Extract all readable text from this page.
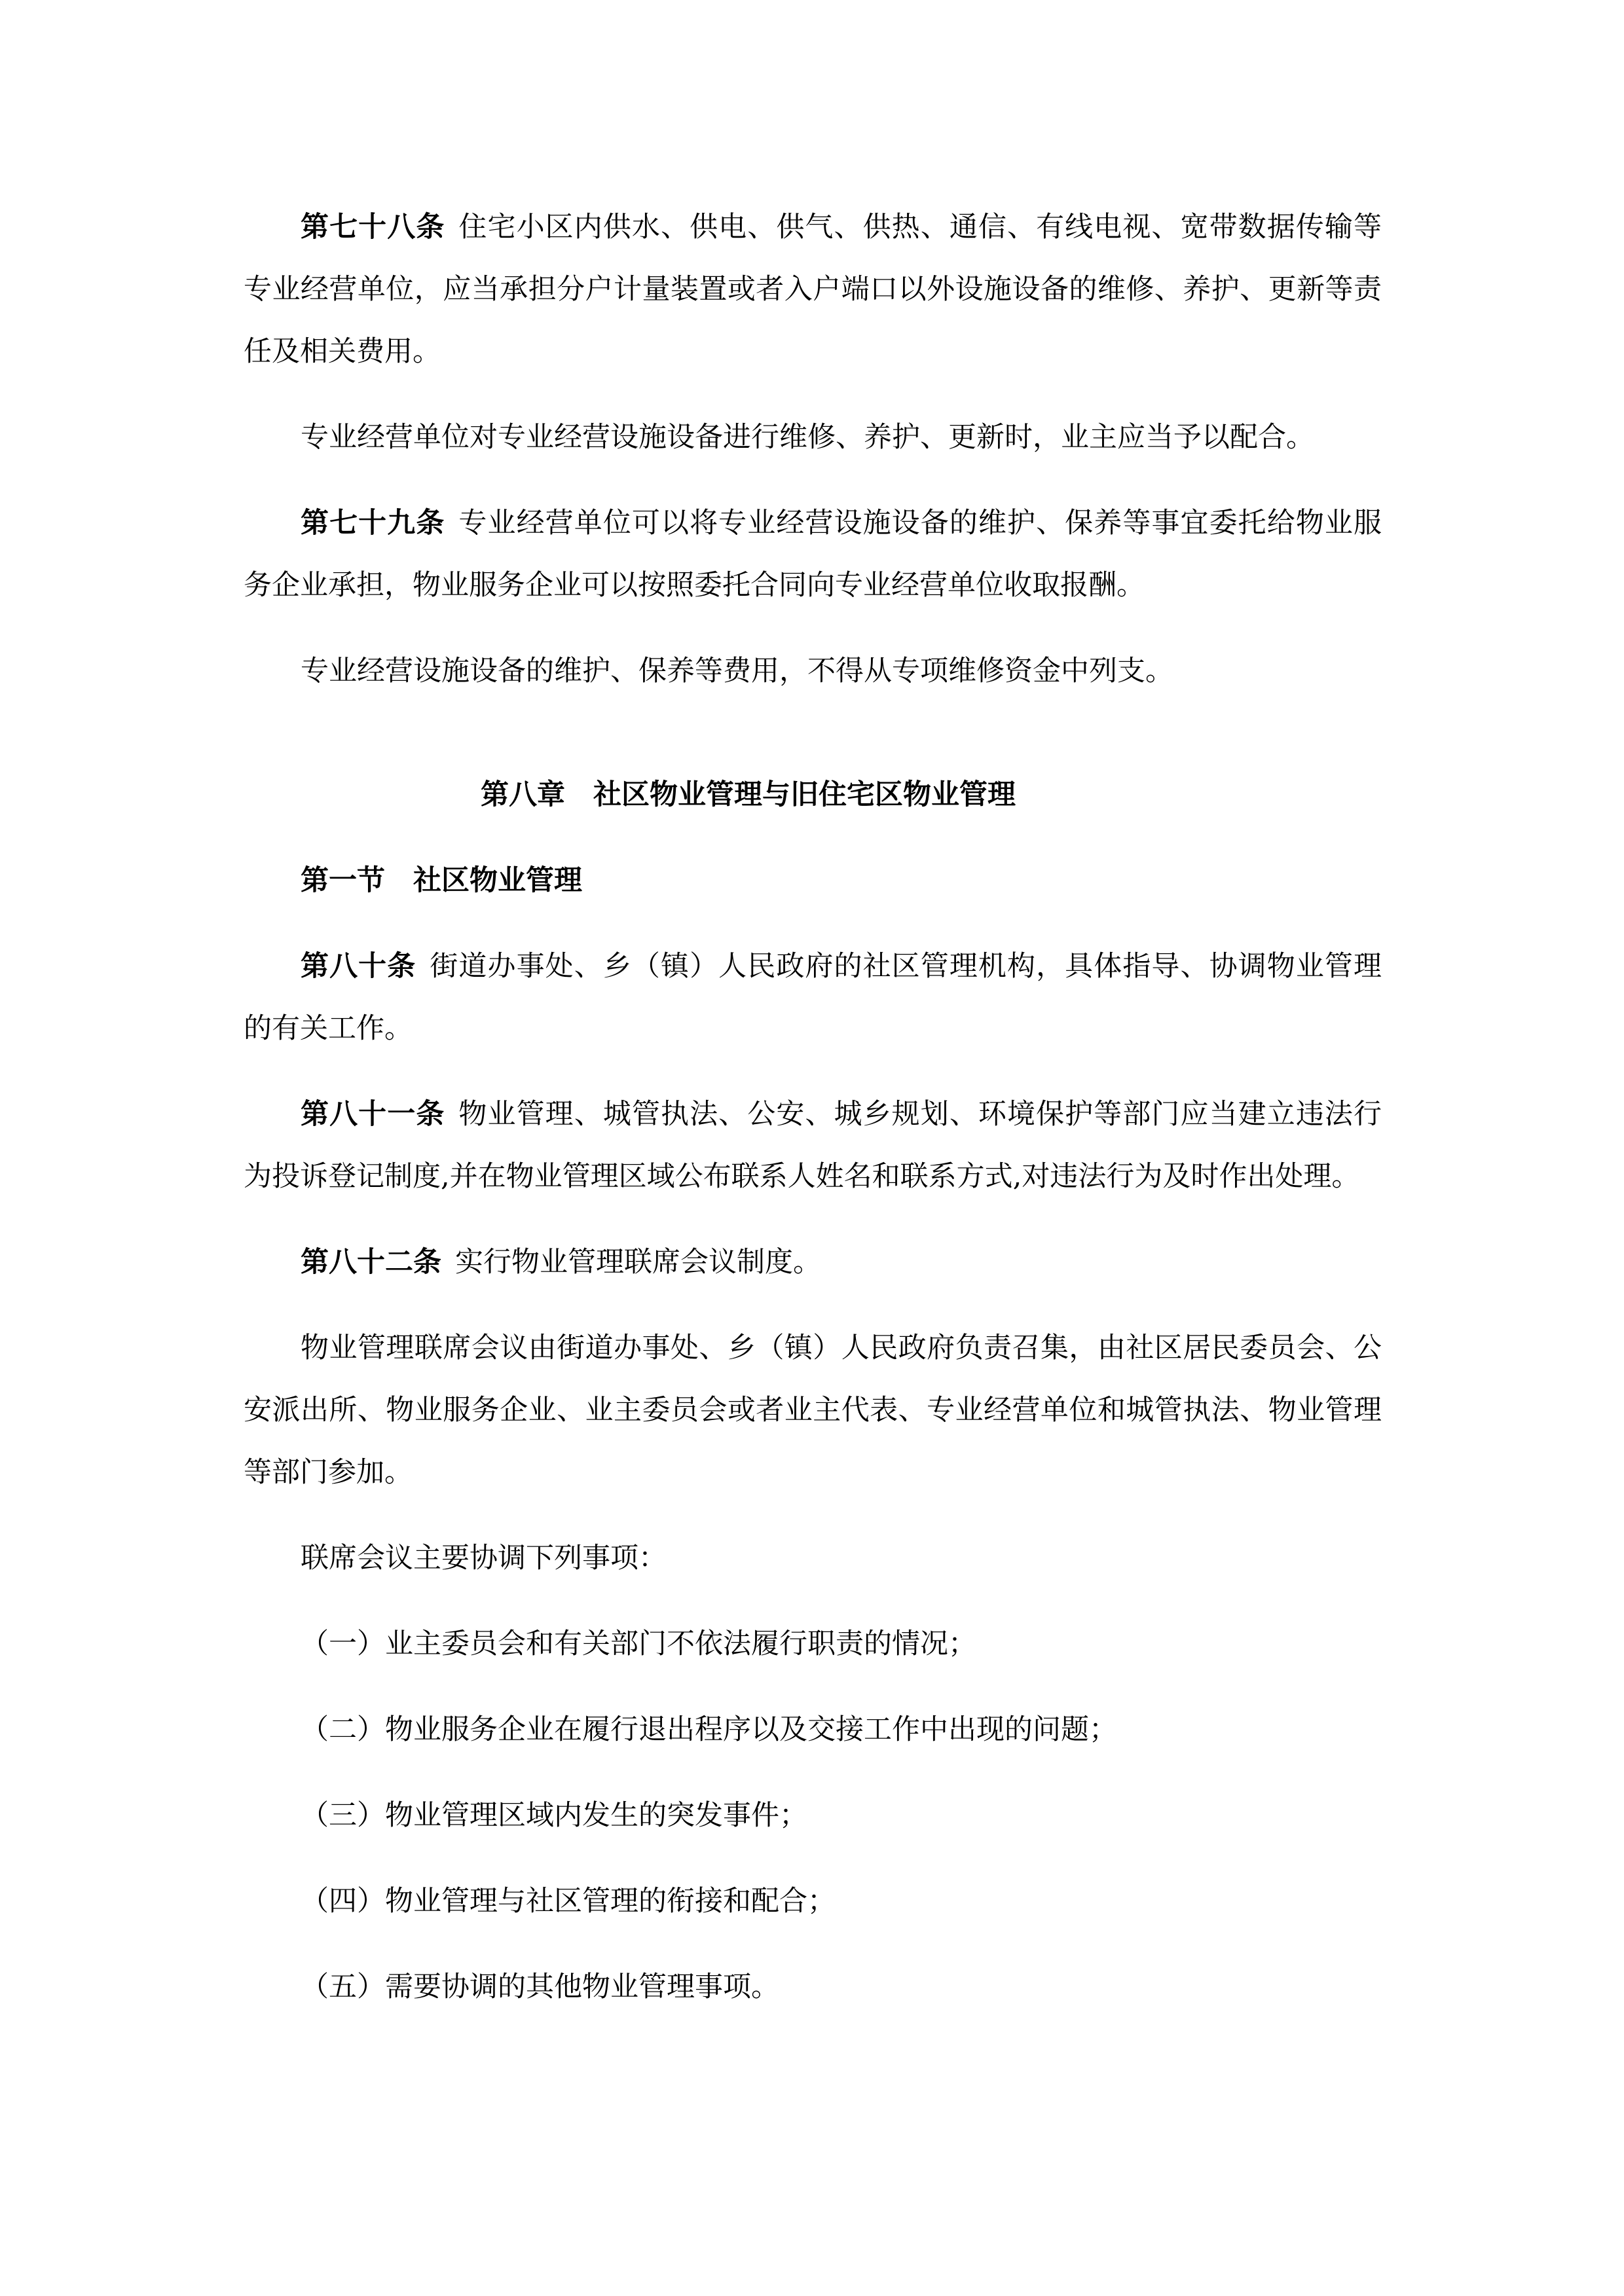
第七十八条 住宅小区内供水、供电、供气、供热、通信、有线电视、宽带数据传输等专业经营单位，应当承担分户计量装置或者入户端口以外设施设备的维修、养护、更新等责任及相关费用。

专业经营单位对专业经营设施设备进行维修、养护、更新时，业主应当予以配合。

第七十九条 专业经营单位可以将专业经营设施设备的维护、保养等事宜委托给物业服务企业承担，物业服务企业可以按照委托合同向专业经营单位收取报酬。

专业经营设施设备的维护、保养等费用，不得从专项维修资金中列支。

第八章　社区物业管理与旧住宅区物业管理

第一节　社区物业管理

第八十条 街道办事处、乡（镇）人民政府的社区管理机构，具体指导、协调物业管理的有关工作。

第八十一条 物业管理、城管执法、公安、城乡规划、环境保护等部门应当建立违法行为投诉登记制度,并在物业管理区域公布联系人姓名和联系方式,对违法行为及时作出处理。

第八十二条 实行物业管理联席会议制度。

物业管理联席会议由街道办事处、乡（镇）人民政府负责召集，由社区居民委员会、公安派出所、物业服务企业、业主委员会或者业主代表、专业经营单位和城管执法、物业管理等部门参加。

联席会议主要协调下列事项：

（一）业主委员会和有关部门不依法履行职责的情况；

（二）物业服务企业在履行退出程序以及交接工作中出现的问题；

（三）物业管理区域内发生的突发事件；

（四）物业管理与社区管理的衔接和配合；

（五）需要协调的其他物业管理事项。
